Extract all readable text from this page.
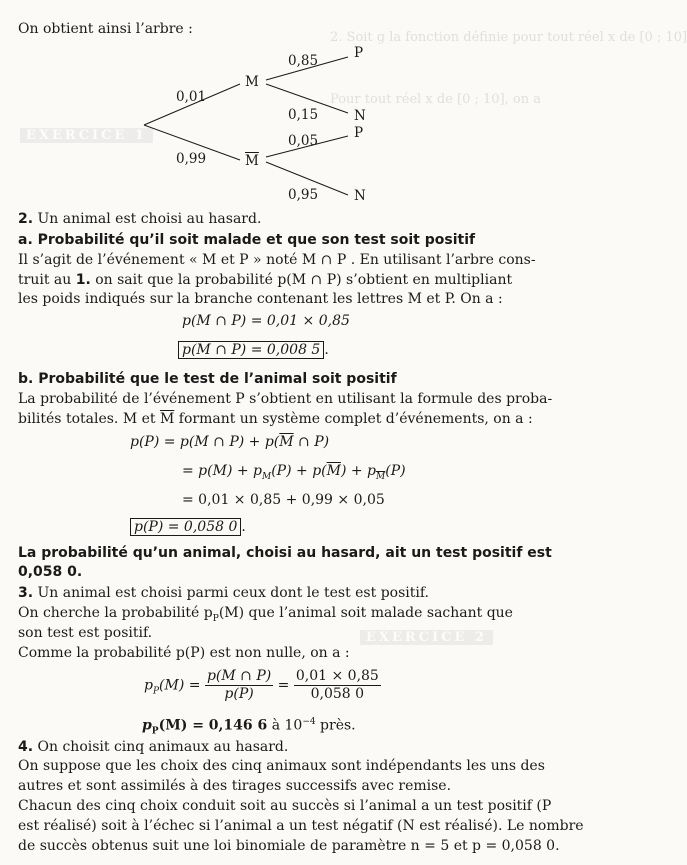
2. Soit g la fonction définie pour tout réel x de [0 ; 10]
EXERCICE 1
Pour tout réel x de [0 ; 10], on a
EXERCICE 2
On obtient ainsi l’arbre :
0,01
0,99
M
$\overline{M}$
0,85
0,15
0,05
0,95
P
N
P
N
2. Un animal est choisi au hasard.
a. Probabilité qu’il soit malade et que son test soit positif
Il s’agit de l’événement « M et P » noté M ∩ P . En utilisant l’arbre cons-
truit au 1. on sait que la probabilité p(M ∩ P) s’obtient en multipliant
les poids indiqués sur la branche contenant les lettres M et P. On a :
p(M ∩ P) = 0,01 × 0,85
p(M ∩ P) = 0,008 5 .
b. Probabilité que le test de l’animal soit positif
La probabilité de l’événement P s’obtient en utilisant la formule des proba-
bilités totales. M et $\overline{M}$ formant un système complet d’événements, on a :
p(P) = p(M ∩ $P) + p(\overline{M}$ ∩ P)
= $p(M) + p_M(P) + p(\overline{M}) + p_{\overline{M}}(P)$
= 0,01 × 0,85 + 0,99 × 0,05
p(P) = 0,058 0 .
La probabilité qu’un animal, choisi au hasard, ait un test positif est
0,058 0.
3. Un animal est choisi parmi ceux dont le test est positif.
On cherche la probabilité $p_P(M)$ que l’animal soit malade sachant que
son test est positif.
Comme la probabilité p(P) est non nulle, on a :
$p_P(M) = \frac{p(M \cap P)}{p(P)} = \frac{0,01 \times 0,85}{0,058 0}$
$p_P(M) = 0,146$ 6 à $10^{-4}$ près.
4. On choisit cinq animaux au hasard.
On suppose que les choix des cinq animaux sont indépendants les uns des
autres et sont assimilés à des tirages successifs avec remise.
Chacun des cinq choix conduit soit au succès si l’animal a un test positif (P
est réalisé) soit à l’échec si l’animal a un test négatif (N est réalisé). Le nombre
de succès obtenus suit une loi binomiale de paramètre n = 5 et p = 0,058 0.
